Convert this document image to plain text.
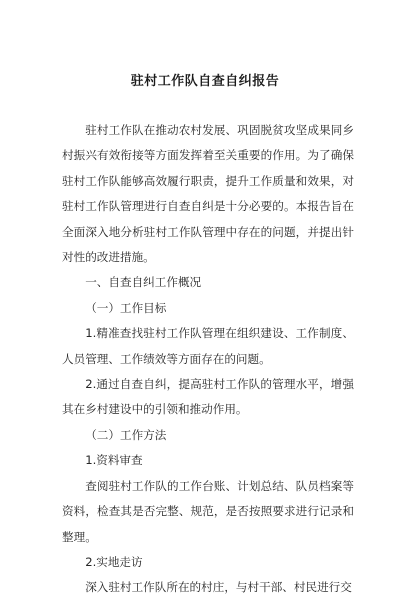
驻村工作队自查自纠报告

驻村工作队在推动农村发展、巩固脱贫攻坚成果同乡村振兴有效衔接等方面发挥着至关重要的作用。为了确保驻村工作队能够高效履行职责，提升工作质量和效果，对驻村工作队管理进行自查自纠是十分必要的。本报告旨在全面深入地分析驻村工作队管理中存在的问题，并提出针对性的改进措施。

一、自查自纠工作概况

（一）工作目标

1.精准查找驻村工作队管理在组织建设、工作制度、人员管理、工作绩效等方面存在的问题。

2.通过自查自纠，提高驻村工作队的管理水平，增强其在乡村建设中的引领和推动作用。

（二）工作方法

1.资料审查

查阅驻村工作队的工作台账、计划总结、队员档案等资料，检查其是否完整、规范，是否按照要求进行记录和整理。

2.实地走访

深入驻村工作队所在的村庄，与村干部、村民进行交
